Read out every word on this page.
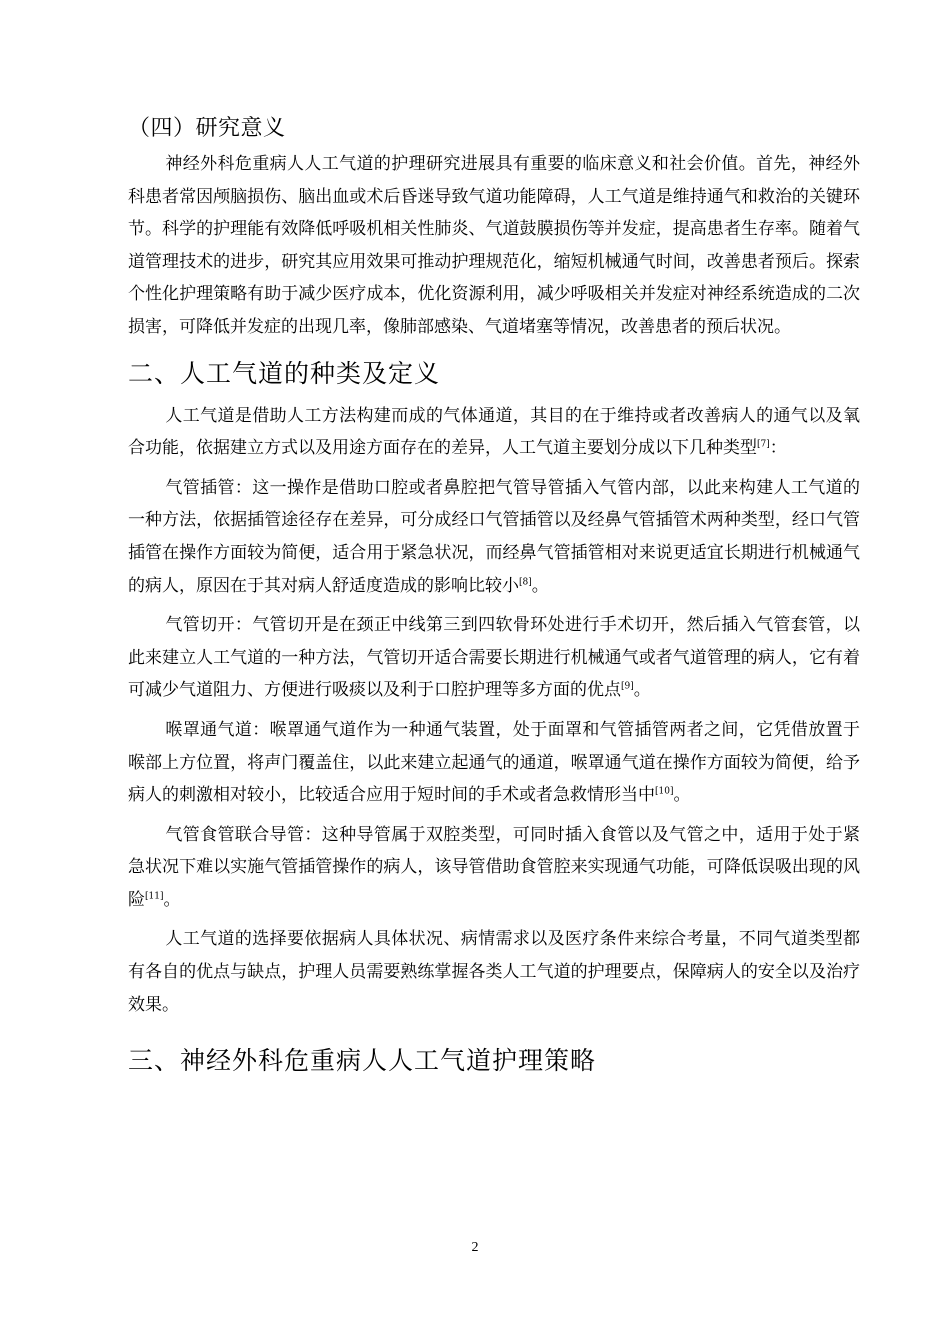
（四）研究意义

神经外科危重病人人工气道的护理研究进展具有重要的临床意义和社会价值。首先，神经外科患者常因颅脑损伤、脑出血或术后昏迷导致气道功能障碍，人工气道是维持通气和救治的关键环节。科学的护理能有效降低呼吸机相关性肺炎、气道鼓膜损伤等并发症，提高患者生存率。随着气道管理技术的进步，研究其应用效果可推动护理规范化，缩短机械通气时间，改善患者预后。探索个性化护理策略有助于减少医疗成本，优化资源利用，减少呼吸相关并发症对神经系统造成的二次损害，可降低并发症的出现几率，像肺部感染、气道堵塞等情况，改善患者的预后状况。

二、人工气道的种类及定义

人工气道是借助人工方法构建而成的气体通道，其目的在于维持或者改善病人的通气以及氧合功能，依据建立方式以及用途方面存在的差异，人工气道主要划分成以下几种类型[7]：

气管插管：这一操作是借助口腔或者鼻腔把气管导管插入气管内部，以此来构建人工气道的一种方法，依据插管途径存在差异，可分成经口气管插管以及经鼻气管插管术两种类型，经口气管插管在操作方面较为简便，适合用于紧急状况，而经鼻气管插管相对来说更适宜长期进行机械通气的病人，原因在于其对病人舒适度造成的影响比较小[8]。

气管切开：气管切开是在颈正中线第三到四软骨环处进行手术切开，然后插入气管套管，以此来建立人工气道的一种方法，气管切开适合需要长期进行机械通气或者气道管理的病人，它有着可减少气道阻力、方便进行吸痰以及利于口腔护理等多方面的优点[9]。

喉罩通气道：喉罩通气道作为一种通气装置，处于面罩和气管插管两者之间，它凭借放置于喉部上方位置，将声门覆盖住，以此来建立起通气的通道，喉罩通气道在操作方面较为简便，给予病人的刺激相对较小，比较适合应用于短时间的手术或者急救情形当中[10]。

气管食管联合导管：这种导管属于双腔类型，可同时插入食管以及气管之中，适用于处于紧急状况下难以实施气管插管操作的病人，该导管借助食管腔来实现通气功能，可降低误吸出现的风险[11]。

人工气道的选择要依据病人具体状况、病情需求以及医疗条件来综合考量，不同气道类型都有各自的优点与缺点，护理人员需要熟练掌握各类人工气道的护理要点，保障病人的安全以及治疗效果。

三、神经外科危重病人人工气道护理策略
2
